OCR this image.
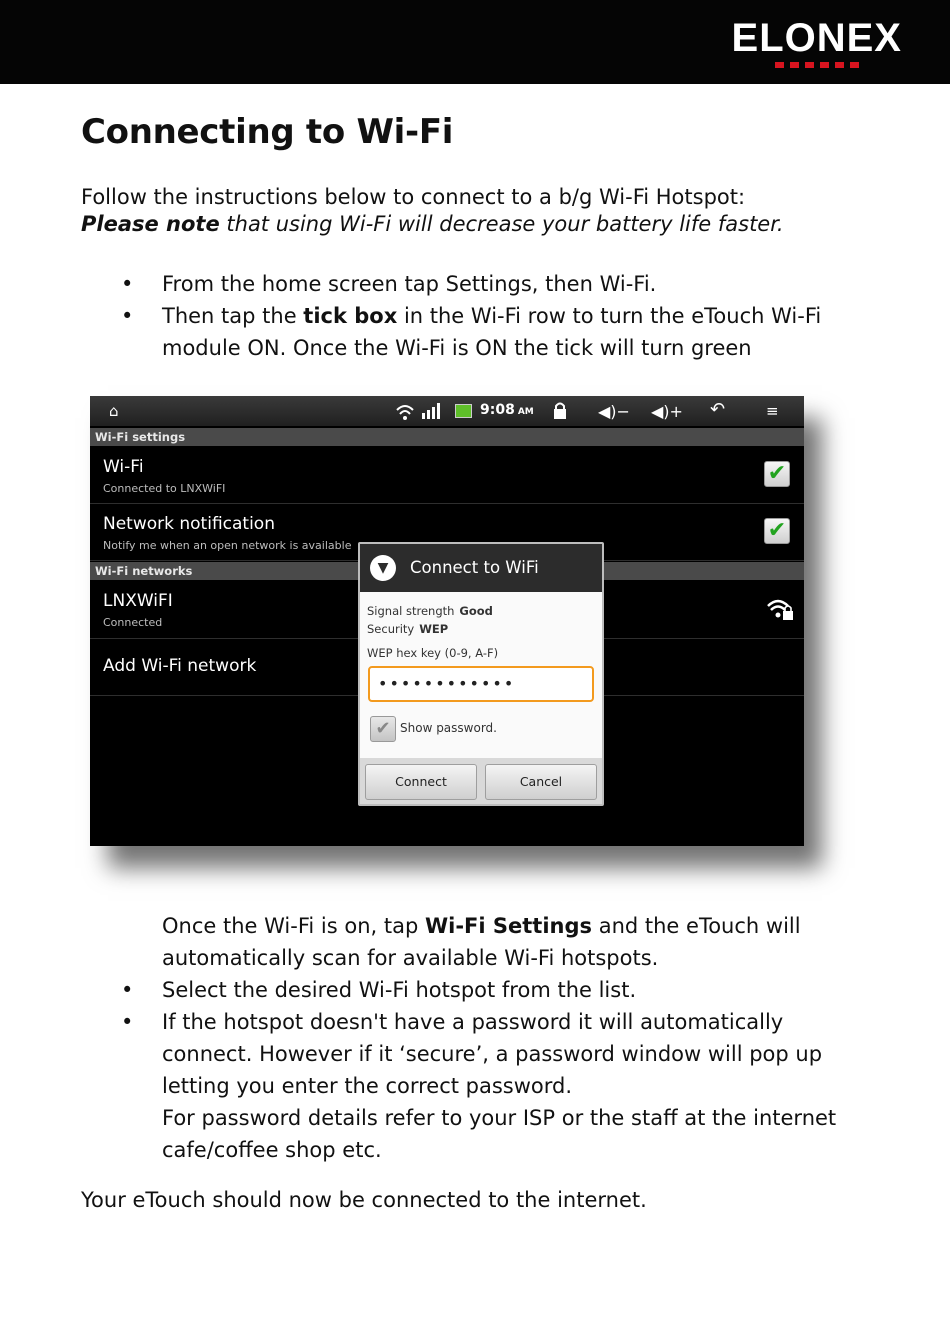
ELONEX
Connecting to Wi-Fi
Follow the instructions below to connect to a b/g Wi-Fi Hotspot:
Please note that using Wi-Fi will decrease your battery life faster.
• From the home screen tap Settings, then Wi-Fi.
• Then tap the tick box in the Wi-Fi row to turn the eTouch Wi-Fi
module ON. Once the Wi-Fi is ON the tick will turn green
⌂	9:08 AM	◀)− ◀)+ ↶	≡
Wi-Fi settings
Wi-Fi
Connected to LNXWiFI
✔
Network notification
Notify me when an open network is available
✔
Wi-Fi networks
LNXWiFI
Connected
Add Wi-Fi network
▼	Connect to WiFi
Signal strength Good
Security WEP
WEP hex key (0-9, A-F)
••••••••••••
✔ Show password.
Connect	Cancel
Once the Wi-Fi is on, tap Wi-Fi Settings and the eTouch will
automatically scan for available Wi-Fi hotspots.
• Select the desired Wi-Fi hotspot from the list.
• If the hotspot doesn't have a password it will automatically
connect. However if it ‘secure’, a password window will pop up
letting you enter the correct password.
For password details refer to your ISP or the staff at the internet
cafe/coffee shop etc.
Your eTouch should now be connected to the internet.
